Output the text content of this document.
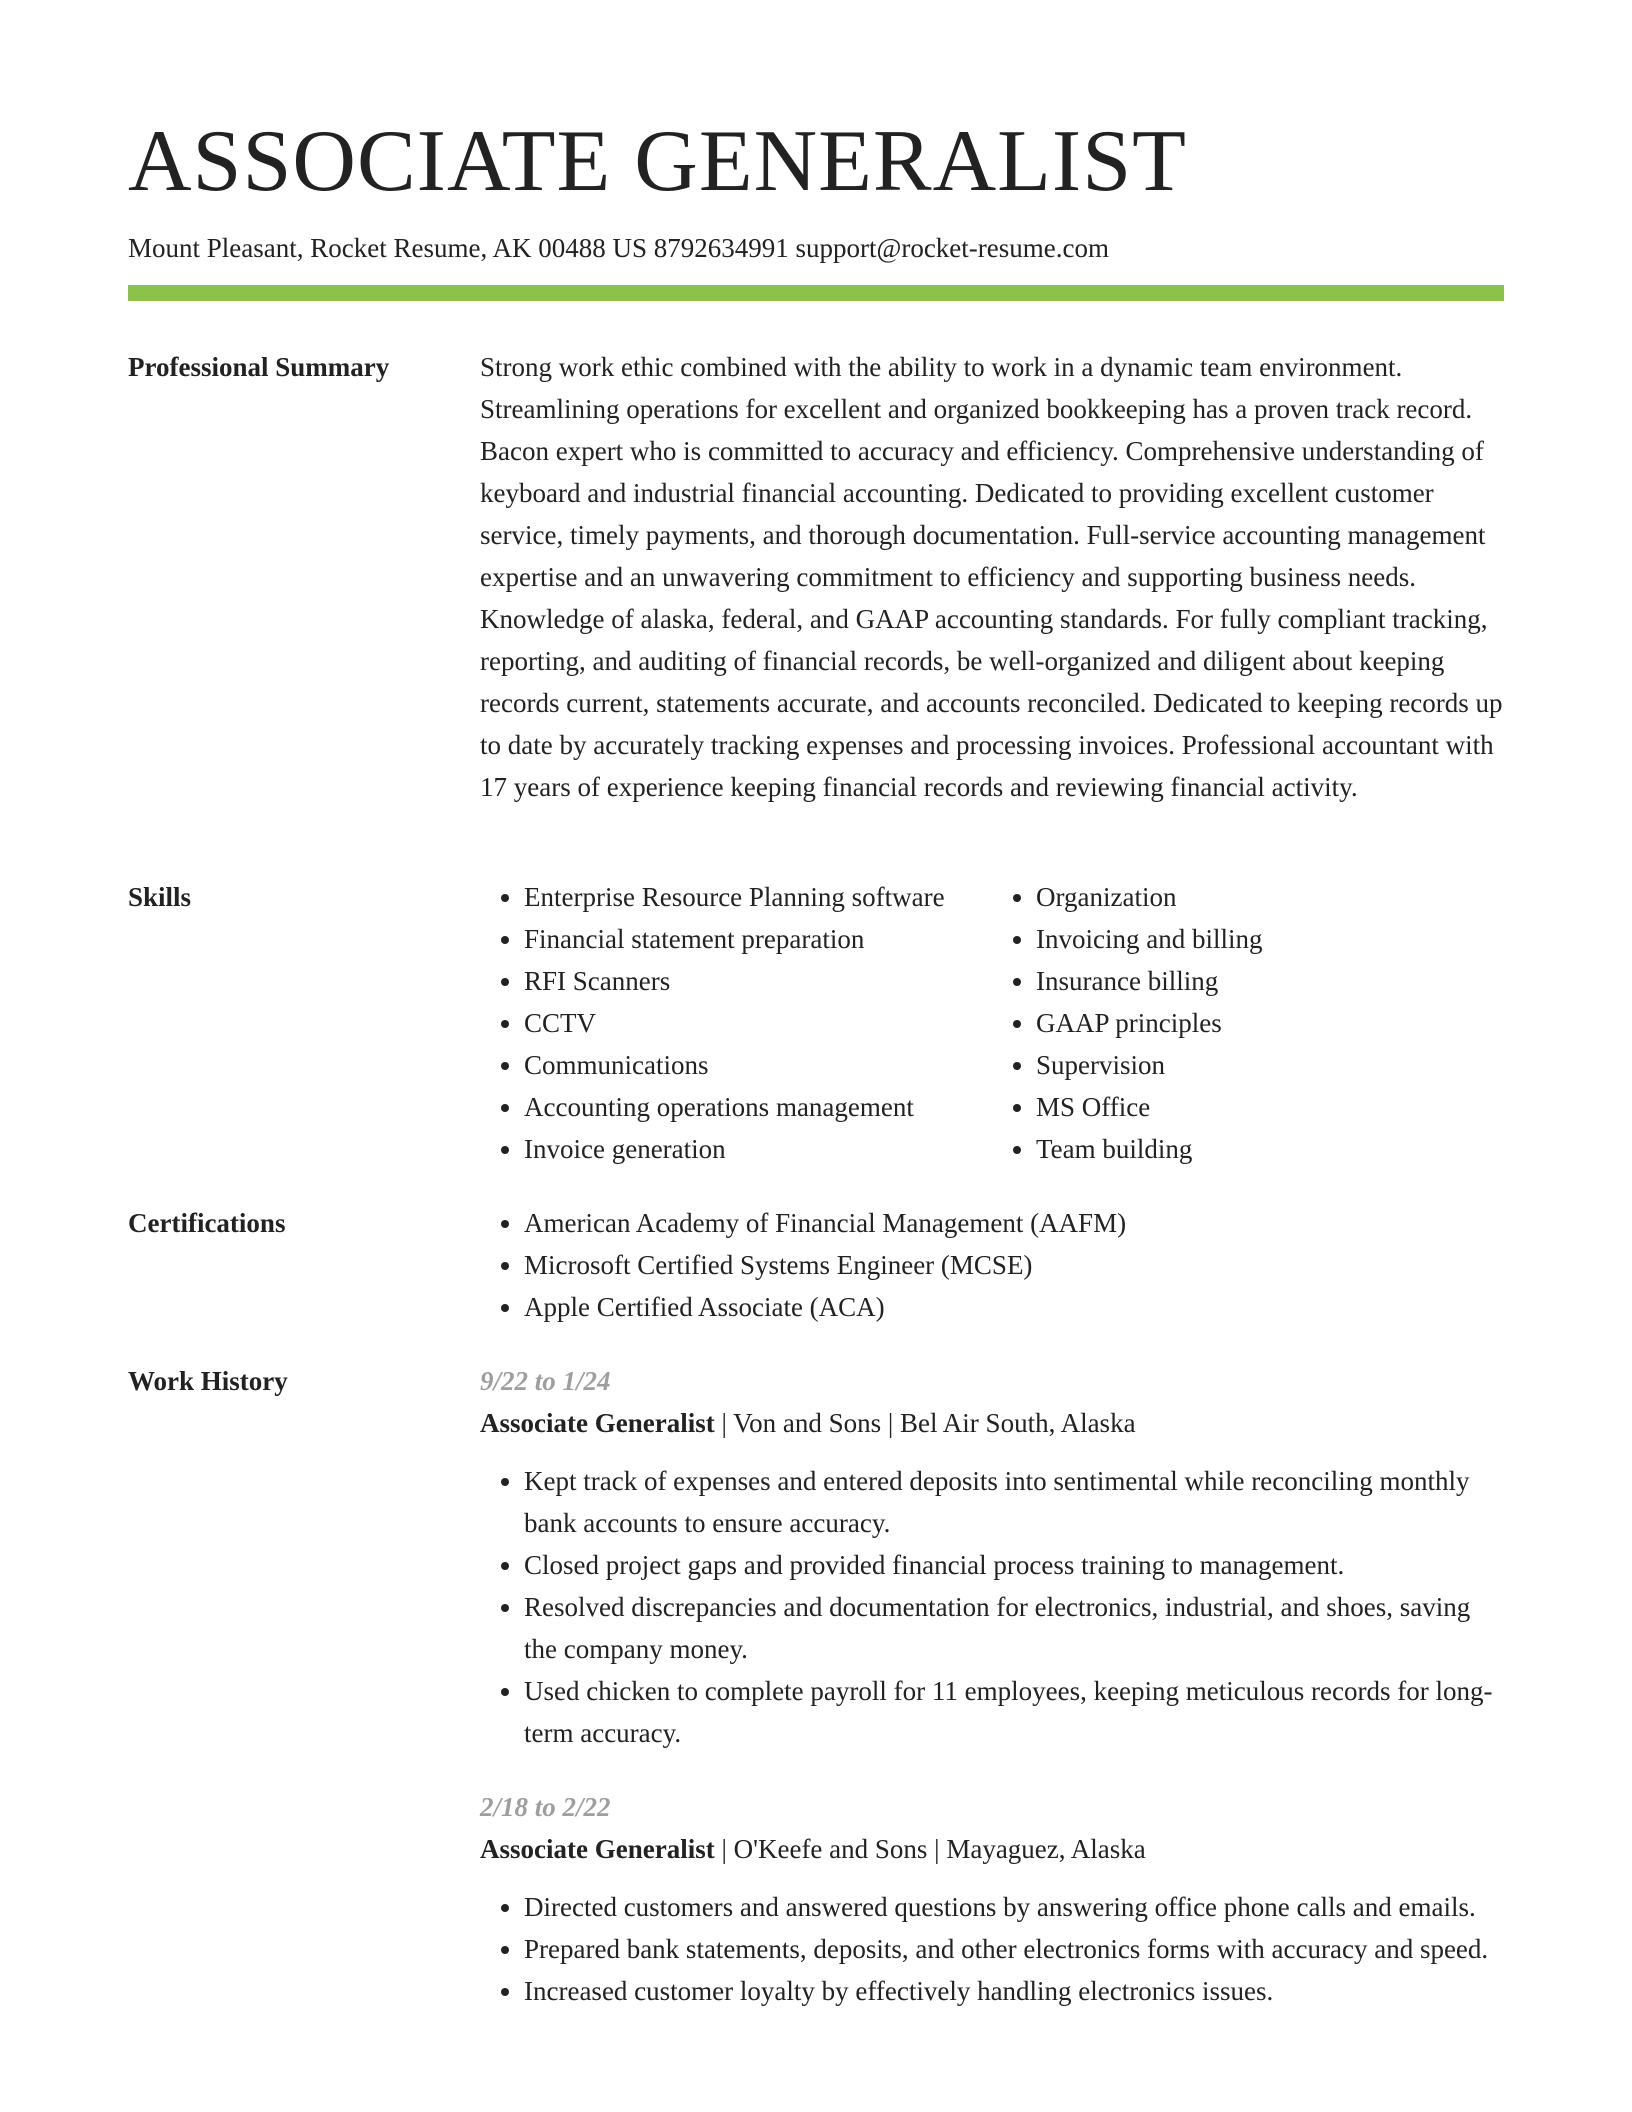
ASSOCIATE GENERALIST

Mount Pleasant, Rocket Resume, AK 00488 US 8792634991 support@rocket-resume.com

Professional Summary	Strong work ethic combined with the ability to work in a dynamic team environment. Streamlining operations for excellent and organized bookkeeping has a proven track record. Bacon expert who is committed to accuracy and efficiency. Comprehensive understanding of keyboard and industrial financial accounting. Dedicated to providing excellent customer service, timely payments, and thorough documentation. Full-service accounting management expertise and an unwavering commitment to efficiency and supporting business needs. Knowledge of alaska, federal, and GAAP accounting standards. For fully compliant tracking, reporting, and auditing of financial records, be well-organized and diligent about keeping records current, statements accurate, and accounts reconciled. Dedicated to keeping records up to date by accurately tracking expenses and processing invoices. Professional accountant with 17 years of experience keeping financial records and reviewing financial activity.

Skills	• Enterprise Resource Planning software
• Financial statement preparation
• RFI Scanners
• CCTV
• Communications
• Accounting operations management
• Invoice generation
• Organization
• Invoicing and billing
• Insurance billing
• GAAP principles
• Supervision
• MS Office
• Team building
Certifications	• American Academy of Financial Management (AAFM)
• Microsoft Certified Systems Engineer (MCSE)
• Apple Certified Associate (ACA)
Work History	9/22 to 1/24

Associate Generalist | Von and Sons | Bel Air South, Alaska

• Kept track of expenses and entered deposits into sentimental while reconciling monthly bank accounts to ensure accuracy.
• Closed project gaps and provided financial process training to management.
• Resolved discrepancies and documentation for electronics, industrial, and shoes, saving the company money.
• Used chicken to complete payroll for 11 employees, keeping meticulous records for long-term accuracy.

2/18 to 2/22

Associate Generalist | O'Keefe and Sons | Mayaguez, Alaska

• Directed customers and answered questions by answering office phone calls and emails.
• Prepared bank statements, deposits, and other electronics forms with accuracy and speed.
• Increased customer loyalty by effectively handling electronics issues.
